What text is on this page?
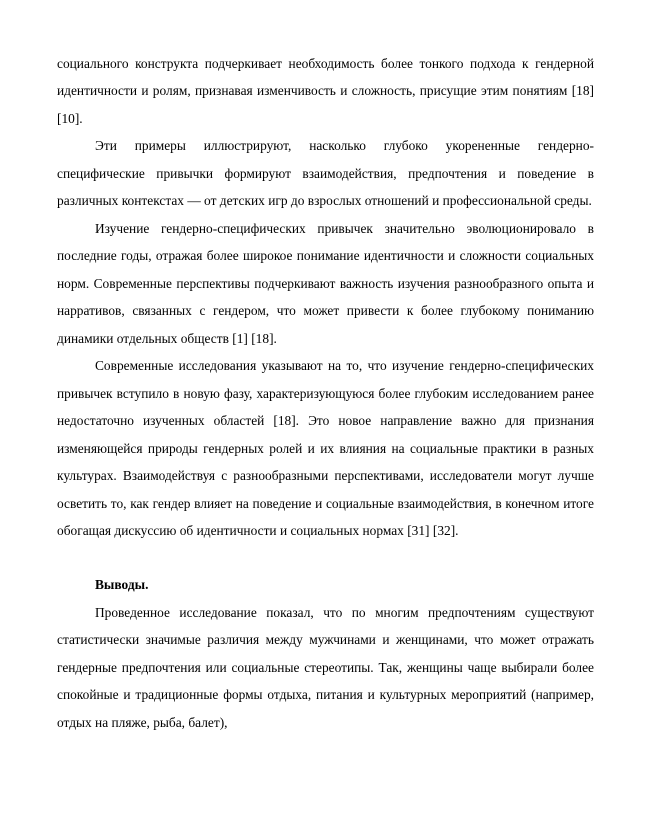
социального конструкта подчеркивает необходимость более тонкого подхода к гендерной идентичности и ролям, признавая изменчивость и сложность, присущие этим понятиям [18][10].

Эти примеры иллюстрируют, насколько глубоко укорененные гендерно-специфические привычки формируют взаимодействия, предпочтения и поведение в различных контекстах — от детских игр до взрослых отношений и профессиональной среды.

Изучение гендерно-специфических привычек значительно эволюционировало в последние годы, отражая более широкое понимание идентичности и сложности социальных норм. Современные перспективы подчеркивают важность изучения разнообразного опыта и нарративов, связанных с гендером, что может привести к более глубокому пониманию динамики отдельных обществ [1] [18].

Современные исследования указывают на то, что изучение гендерно-специфических привычек вступило в новую фазу, характеризующуюся более глубоким исследованием ранее недостаточно изученных областей [18]. Это новое направление важно для признания изменяющейся природы гендерных ролей и их влияния на социальные практики в разных культурах. Взаимодействуя с разнообразными перспективами, исследователи могут лучше осветить то, как гендер влияет на поведение и социальные взаимодействия, в конечном итоге обогащая дискуссию об идентичности и социальных нормах [31] [32].

Выводы.

Проведенное исследование показал, что по многим предпочтениям существуют статистически значимые различия между мужчинами и женщинами, что может отражать гендерные предпочтения или социальные стереотипы. Так, женщины чаще выбирали более спокойные и традиционные формы отдыха, питания и культурных мероприятий (например, отдых на пляже, рыба, балет),
